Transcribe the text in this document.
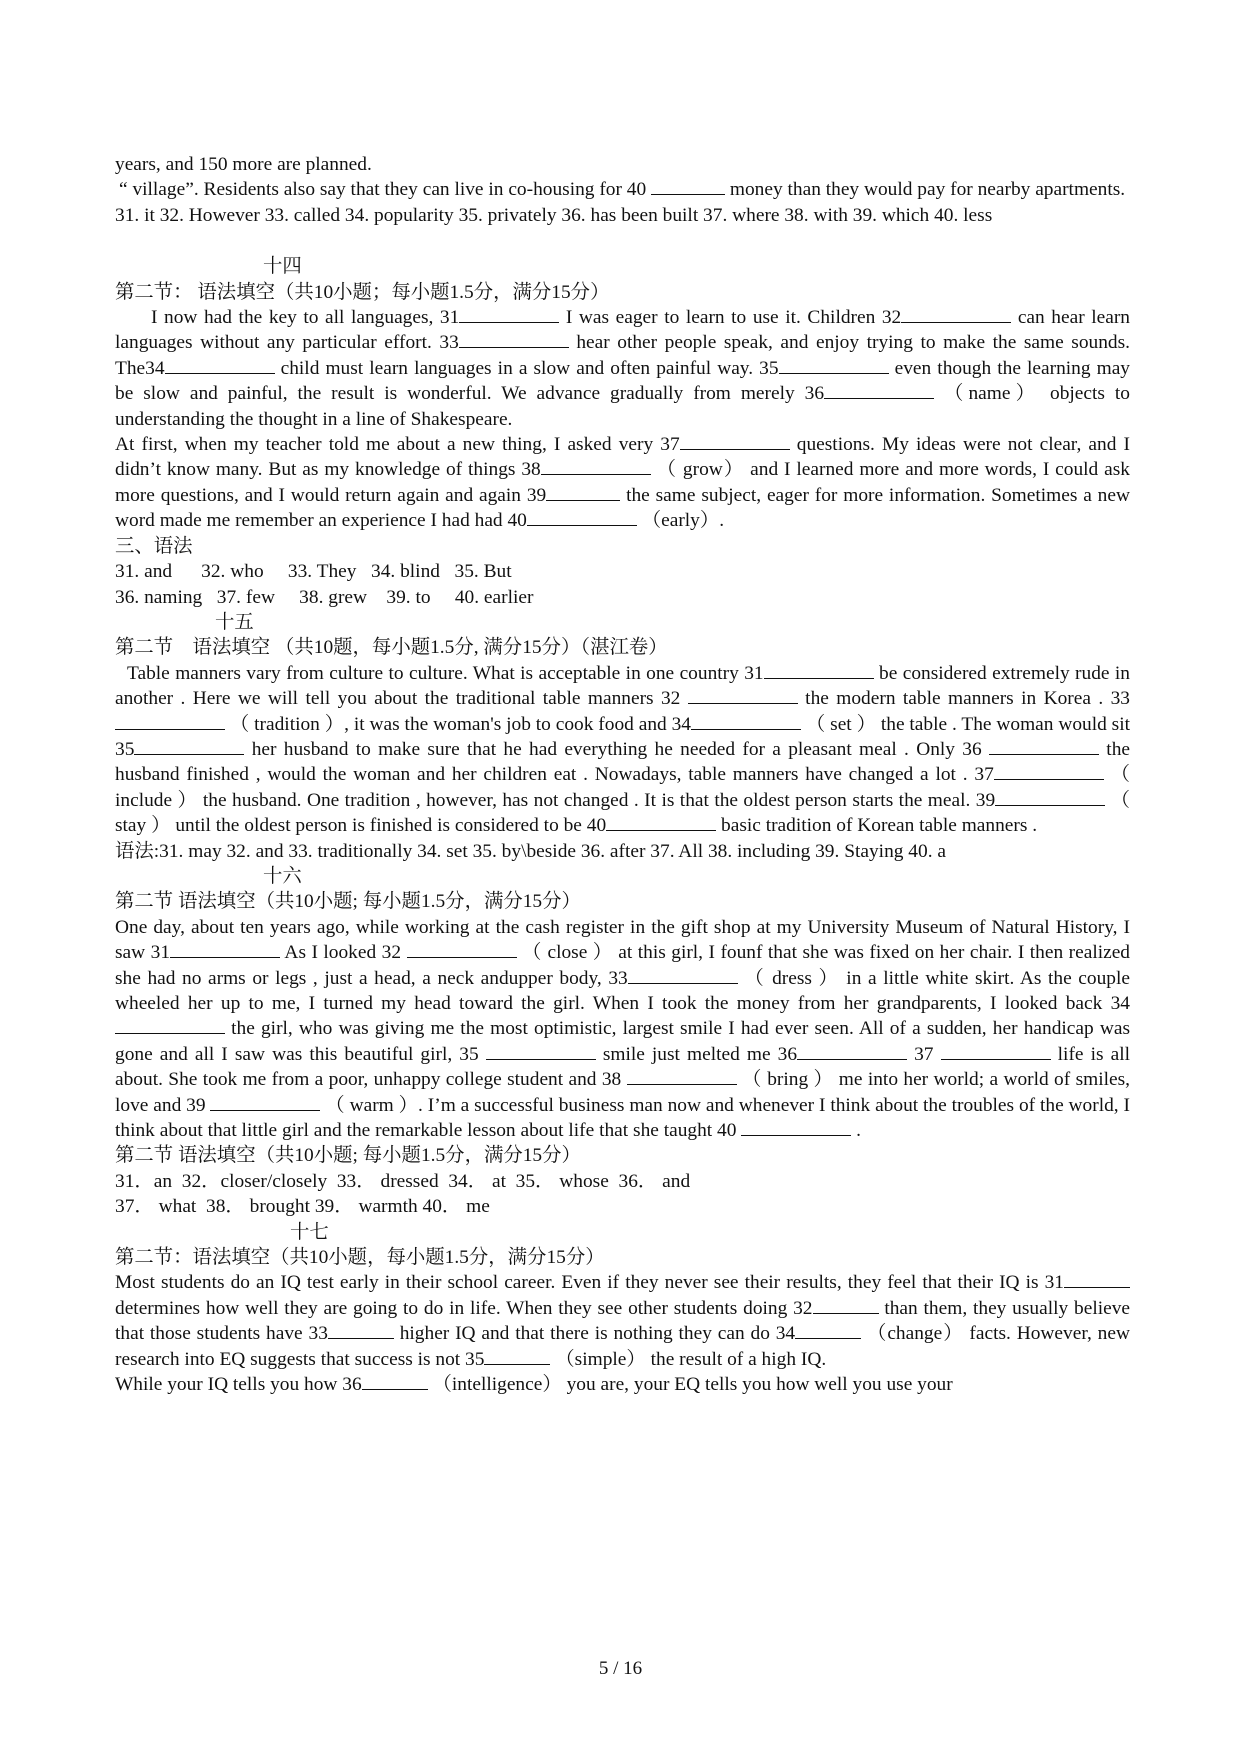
years, and 150 more are planned.

“ village”. Residents also say that they can live in co-housing for 40	money than they would pay for nearby apartments.

31. it 32. However 33. called 34. popularity 35. privately 36. has been built 37. where 38. with 39. which 40. less

十四

第二节： 语法填空（共10小题；每小题1.5分，满分15分）

I now had the key to all languages, 31	I was eager to learn to use it. Children 32	can hear learn languages without any particular effort. 33	hear other people speak, and enjoy trying to make the same sounds. The34	child must learn languages in a slow and often painful way. 35	even though the learning may be slow and painful, the result is wonderful. We advance gradually from merely 36	（name） objects to understanding the thought in a line of Shakespeare.

At first, when my teacher told me about a new thing, I asked very 37	questions. My ideas were not clear, and I didn’t know many. But as my knowledge of things 38	（ grow） and I learned more and more words, I could ask more questions, and I would return again and again 39	the same subject, eager for more information. Sometimes a new word made me remember an experience I had had 40	（early）.

三、语法

31. and      32. who     33. They   34. blind   35. But

36. naming   37. few     38. grew    39. to     40. earlier

十五

第二节    语法填空 （共10题，每小题1.5分, 满分15分）（湛江卷）

Table manners vary from culture to culture. What is acceptable in one country 31	be considered extremely rude in another . Here we will tell you about the traditional table manners 32	the modern table manners in Korea . 33  （ tradition ）, it was the woman's job to cook food and 34	（ set ） the table . The woman would sit 35	her husband to make sure that he had everything he needed for a pleasant meal . Only 36	the husband finished , would the woman and her children eat . Nowadays, table manners have changed a lot . 37	（ include ） the husband. One tradition , however, has not changed . It is that the oldest person starts the meal. 39	（ stay ） until the oldest person is finished is considered to be 40	basic tradition of Korean table manners .

语法:31. may 32. and 33. traditionally 34. set 35. by\beside 36. after 37. All 38. including 39. Staying 40. a

十六

第二节 语法填空（共10小题; 每小题1.5分，满分15分）

One day, about ten years ago, while working at the cash register in the gift shop at my University Museum of Natural History, I saw 31	As I looked 32	（ close ） at this girl, I founf that she was fixed on her chair. I then realized she had no arms or legs , just a head, a neck andupper body, 33	（ dress ） in a little white skirt. As the couple wheeled her up to me, I turned my head toward the girl. When I took the money from her grandparents, I looked back 34  the girl, who was giving me the most optimistic, largest smile I had ever seen. All of a sudden, her handicap was gone and all I saw was this beautiful girl, 35	smile just melted me 36	37	life is all about. She took me from a poor, unhappy college student and 38	（ bring ） me into her world; a world of smiles, love and 39	（ warm ）. I’m a successful business man now and whenever I think about the troubles of the world, I think about that little girl and the remarkable lesson about life that she taught 40	.

第二节 语法填空（共10小题; 每小题1.5分，满分15分）

31．an  32．closer/closely  33． dressed  34． at  35． whose  36． and

37． what  38． brought 39． warmth 40． me

十七

第二节：语法填空（共10小题，每小题1.5分，满分15分）

Most students do an IQ test early in their school career. Even if they never see their results, they feel that their IQ is 31 determines how well they are going to do in life. When they see other students doing 32	than them, they usually believe that those students have 33	higher IQ and that there is nothing they can do 34	（change） facts. However, new research into EQ suggests that success is not 35	（simple） the result of a high IQ.

While your IQ tells you how 36	（intelligence） you are, your EQ tells you how well you use your

5 / 16
